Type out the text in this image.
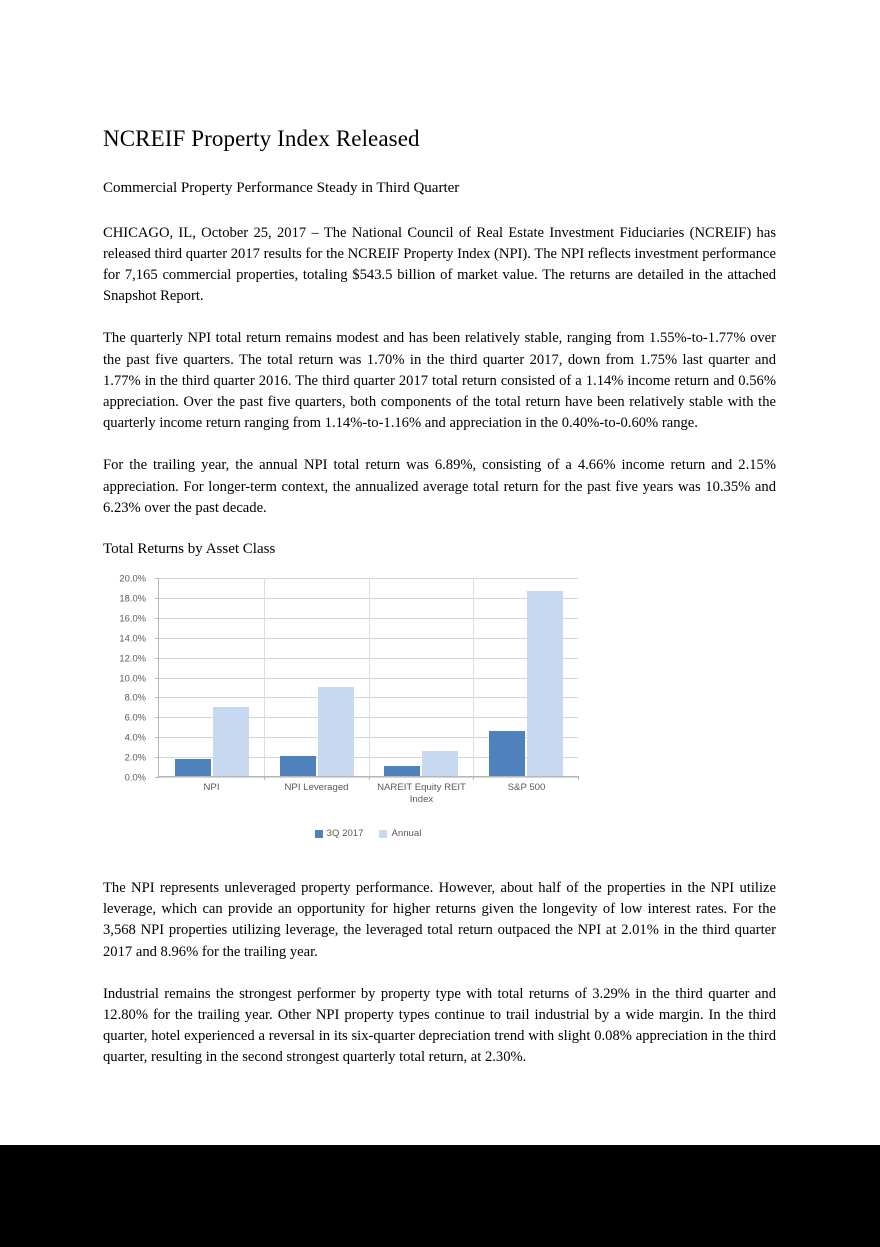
NCREIF Property Index Released
Commercial Property Performance Steady in Third Quarter

CHICAGO, IL, October 25, 2017 – The National Council of Real Estate Investment Fiduciaries (NCREIF) has released third quarter 2017 results for the NCREIF Property Index (NPI). The NPI reflects investment performance for 7,165 commercial properties, totaling $543.5 billion of market value. The returns are detailed in the attached Snapshot Report.

The quarterly NPI total return remains modest and has been relatively stable, ranging from 1.55%-to-1.77% over the past five quarters. The total return was 1.70% in the third quarter 2017, down from 1.75% last quarter and 1.77% in the third quarter 2016. The third quarter 2017 total return consisted of a 1.14% income return and 0.56% appreciation. Over the past five quarters, both components of the total return have been relatively stable with the quarterly income return ranging from 1.14%-to-1.16% and appreciation in the 0.40%-to-0.60% range.

For the trailing year, the annual NPI total return was 6.89%, consisting of a 4.66% income return and 2.15% appreciation. For longer-term context, the annualized average total return for the past five years was 10.35% and 6.23% over the past decade.

Total Returns by Asset Class
0.0%
2.0%
4.0%
6.0%
8.0%
10.0%
12.0%
14.0%
16.0%
18.0%
20.0%
NPI	NPI Leveraged	NAREIT Equity REIT Index
S&P 500
3Q 2017	Annual

The NPI represents unleveraged property performance. However, about half of the properties in the NPI utilize leverage, which can provide an opportunity for higher returns given the longevity of low interest rates. For the 3,568 NPI properties utilizing leverage, the leveraged total return outpaced the NPI at 2.01% in the third quarter 2017 and 8.96% for the trailing year.

Industrial remains the strongest performer by property type with total returns of 3.29% in the third quarter and 12.80% for the trailing year. Other NPI property types continue to trail industrial by a wide margin. In the third quarter, hotel experienced a reversal in its six-quarter depreciation trend with slight 0.08% appreciation in the third quarter, resulting in the second strongest quarterly total return, at 2.30%.
